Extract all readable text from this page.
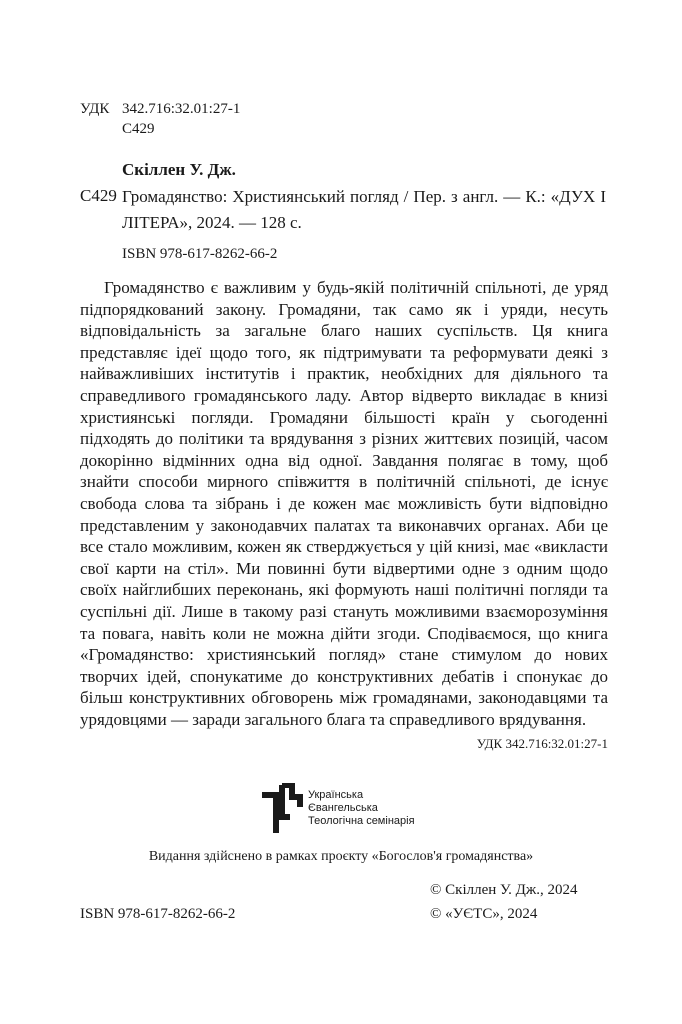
УДК 342.716:32.01:27-1
С429
Скіллен У. Дж.
С429 Громадянство: Християнський погляд / Пер. з англ. — К.: «ДУХ І ЛІТЕРА», 2024. — 128 с.
ISBN 978-617-8262-66-2

Громадянство є важливим у будь-якій політичній спільноті, де уряд підпорядкований закону. Громадяни, так само як і уряди, несуть відповідальність за загальне благо наших суспільств. Ця книга представляє ідеї щодо того, як підтримувати та реформувати деякі з найважливіших інститутів і практик, необхідних для діяльного та справедливого громадянського ладу. Автор відверто викладає в книзі християнські погляди. Громадяни більшості країн у сьогоденні підходять до політики та врядування з різних життєвих позицій, часом докорінно відмінних одна від одної. Завдання полягає в тому, щоб знайти способи мирного співжиття в політичній спільноті, де існує свобода слова та зібрань і де кожен має можливість бути відповідно представленим у законодавчих палатах та виконавчих органах. Аби це все стало можливим, кожен як стверджується у цій книзі, має «викласти свої карти на стіл». Ми повинні бути відвертими одне з одним щодо своїх найглибших переконань, які формують наші політичні погляди та суспільні дії. Лише в такому разі стануть можливими взаєморозуміння та повага, навіть коли не можна дійти згоди. Сподіваємося, що книга «Громадянство: християнський погляд» стане стимулом до нових творчих ідей, спонукатиме до конструктивних дебатів і спонукає до більш конструктивних обговорень між громадянами, законодавцями та урядовцями — заради загального блага та справедливого врядування.

УДК 342.716:32.01:27-1
Українська
Євангельська
Теологічна семінарія
Видання здійснено в рамках проєкту «Богослов'я громадянства»
© Скіллен У. Дж., 2024
© «УЄТС», 2024
ISBN 978-617-8262-66-2
